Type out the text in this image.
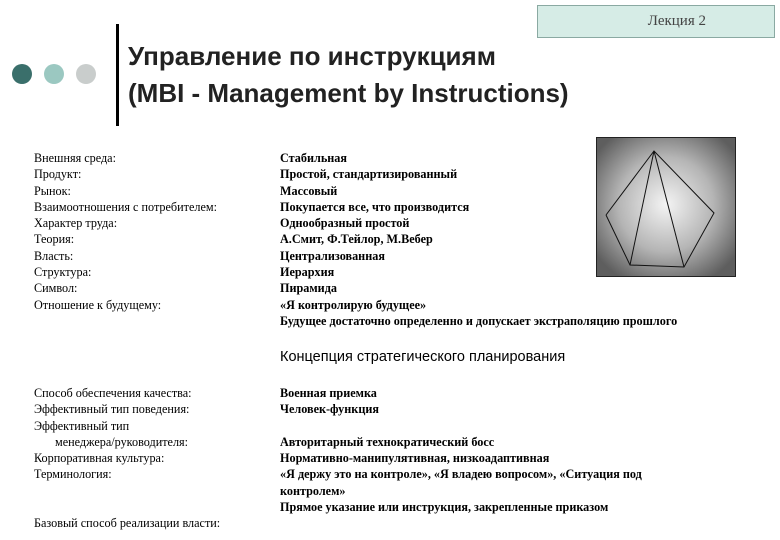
Лекция 2
Управление по инструкциям
(MBI - Management by Instructions)
Внешняя среда:
Продукт:
Рынок:
Взаимоотношения с потребителем:
Характер труда:
Теория:
Власть:
Структура:
Символ:
Отношение к будущему:
Стабильная
Простой, стандартизированный
Массовый
Покупается все, что производится
Однообразный простой
А.Смит, Ф.Тейлор, М.Вебер
Централизованная
Иерархия
Пирамида
«Я контролирую будущее»
Будущее достаточно определенно и допускает экстраполяцию прошлого
Концепция стратегического планирования
Способ обеспечения качества:
Эффективный тип поведения:
Эффективный тип
менеджера/руководителя:
Корпоративная культура:
Терминология:
Базовый способ реализации власти:
Военная приемка
Человек-функция
Авторитарный технократический босс
Нормативно-манипулятивная, низкоадаптивная
«Я держу это на контроле», «Я владею вопросом», «Ситуация под контролем»
Прямое указание или инструкция, закрепленные приказом
